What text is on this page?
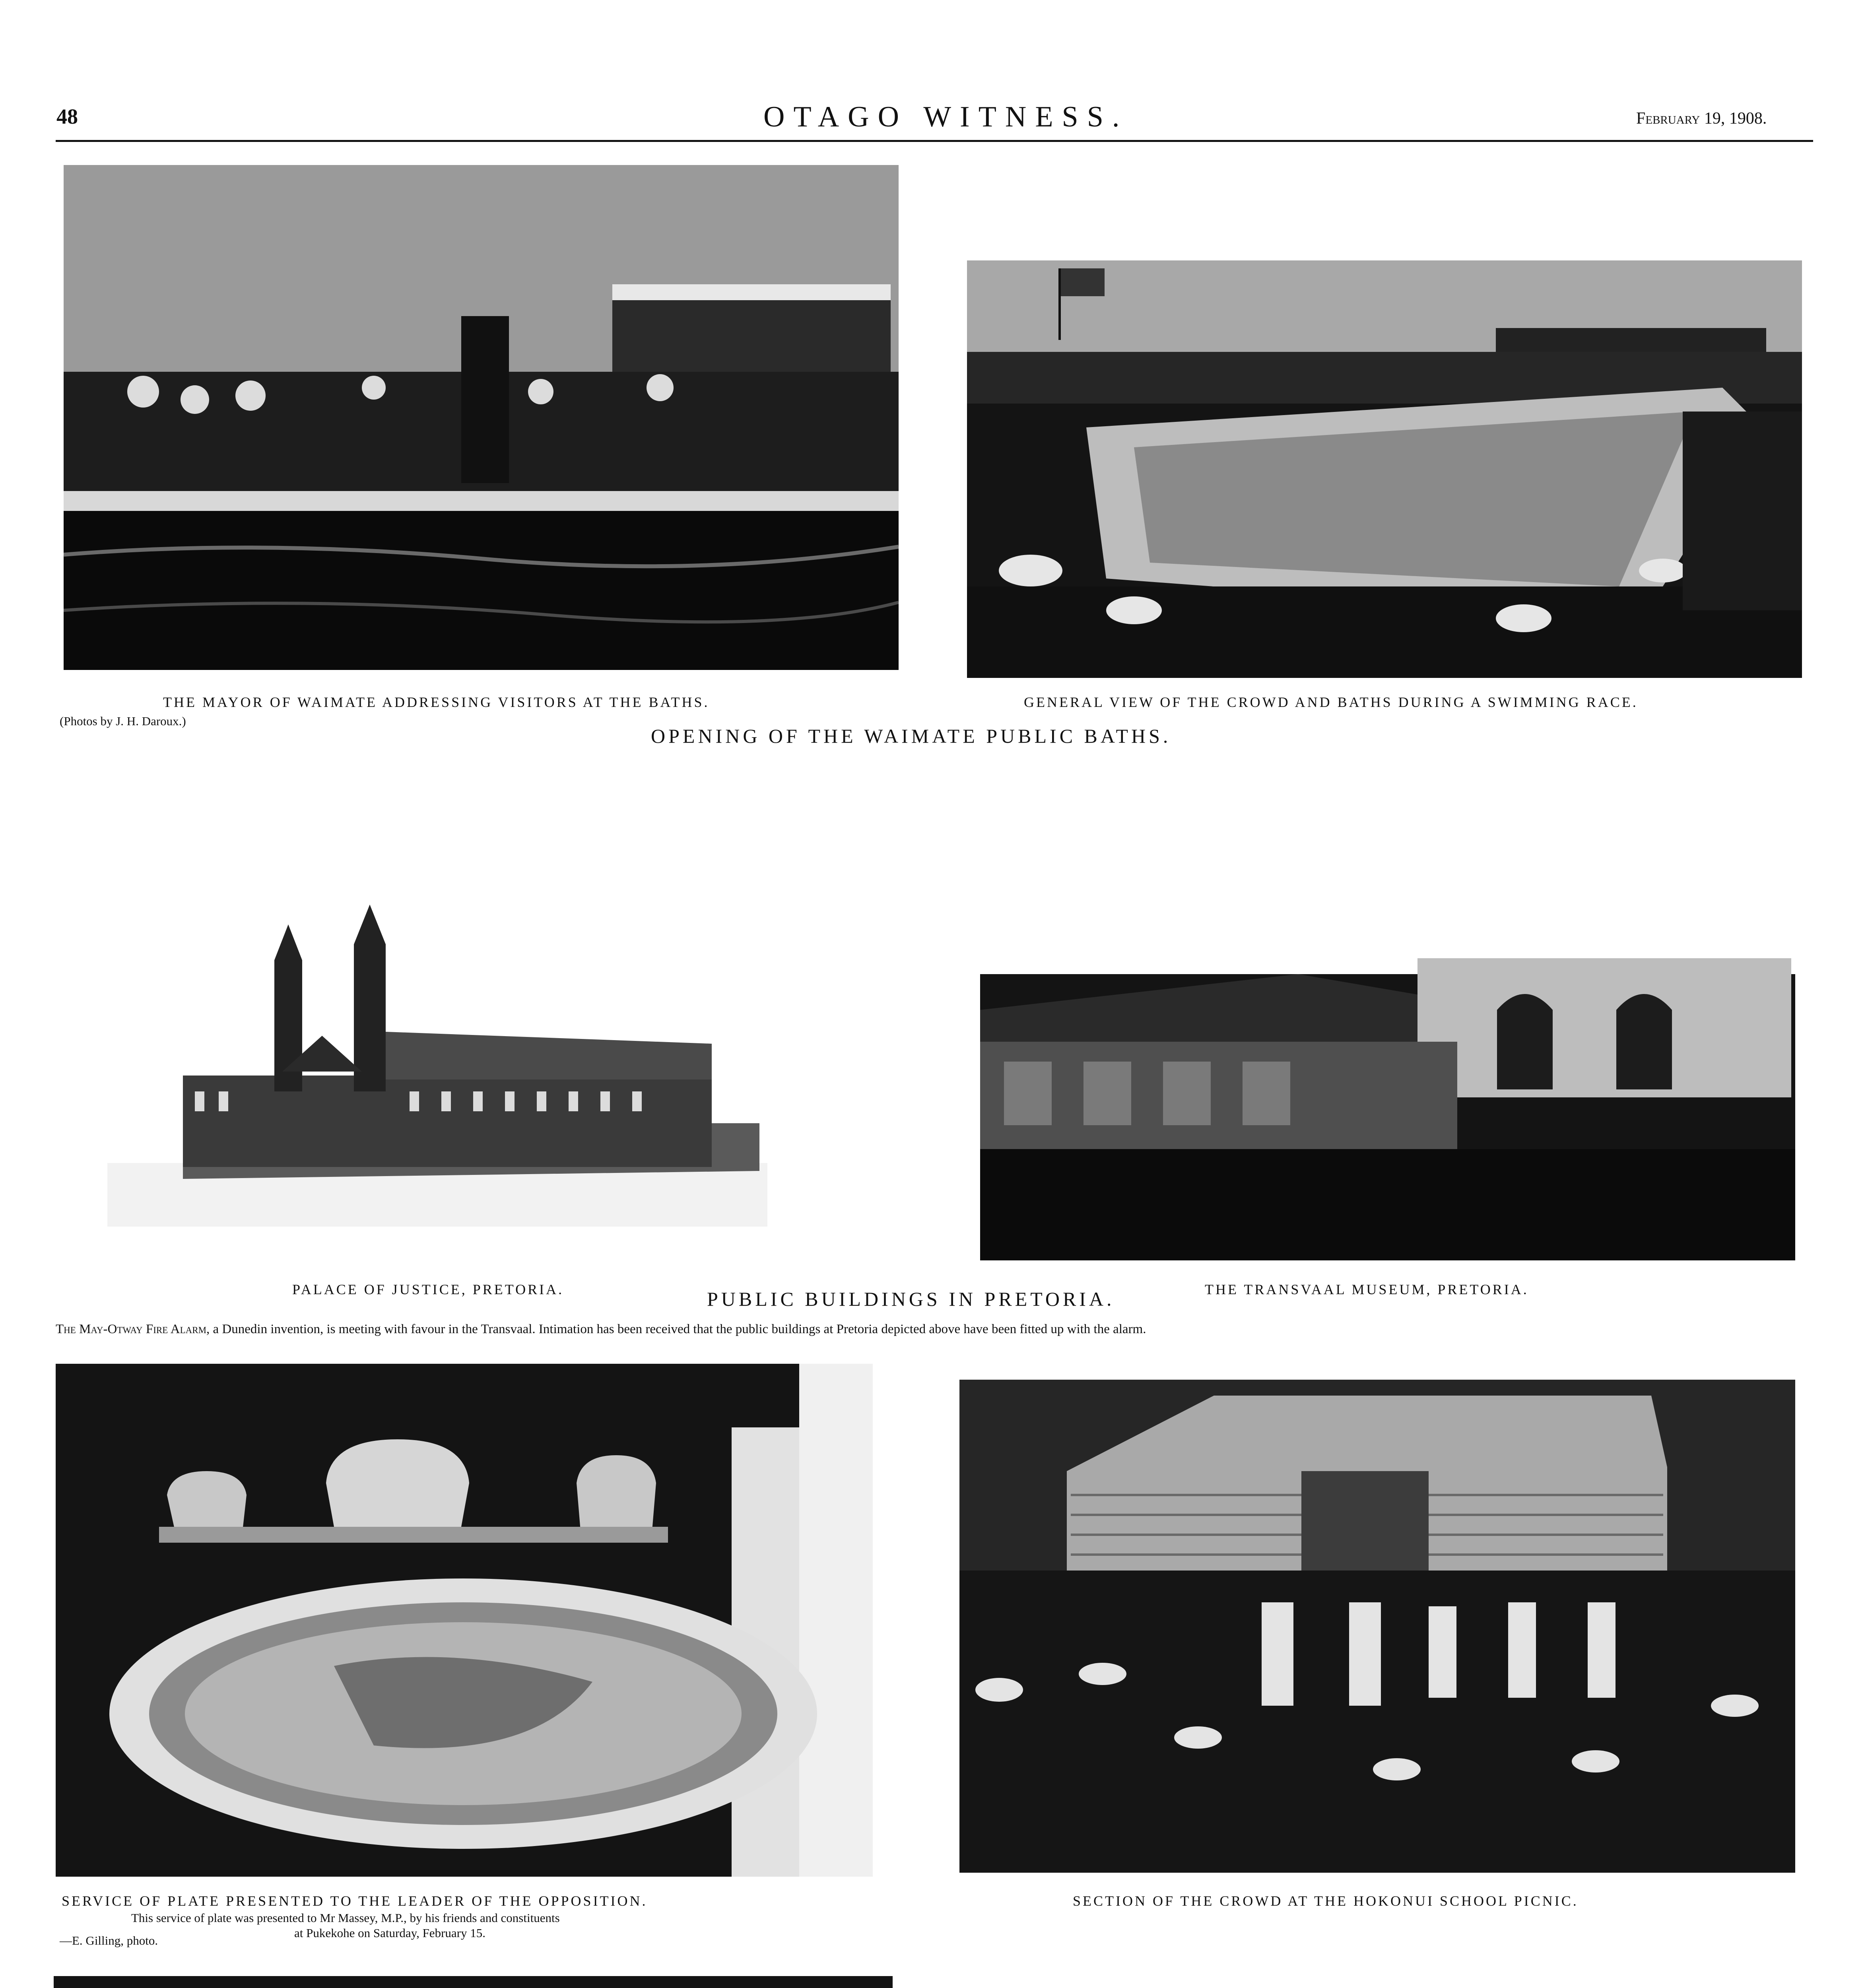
48	OTAGO WITNESS.	February 19, 1908.
THE MAYOR OF WAIMATE ADDRESSING VISITORS AT THE BATHS.	GENERAL VIEW OF THE CROWD AND BATHS DURING A SWIMMING RACE.
(Photos by J. H. Daroux.)
OPENING OF THE WAIMATE PUBLIC BATHS.
PALACE OF JUSTICE, PRETORIA.	PUBLIC BUILDINGS IN PRETORIA.	THE TRANSVAAL MUSEUM, PRETORIA.
The May-Otway Fire Alarm, a Dunedin invention, is meeting with favour in the Transvaal. Intimation has been received that the public buildings at Pretoria depicted above have been fitted up with the alarm.
SERVICE OF PLATE PRESENTED TO THE LEADER OF THE OPPOSITION.
This service of plate was presented to Mr Massey, M.P., by his friends and constituents
at Pukekohe on Saturday, February 15.
—E. Gilling, photo.
SECTION OF THE CROWD AT THE HOKONUI SCHOOL PICNIC.
